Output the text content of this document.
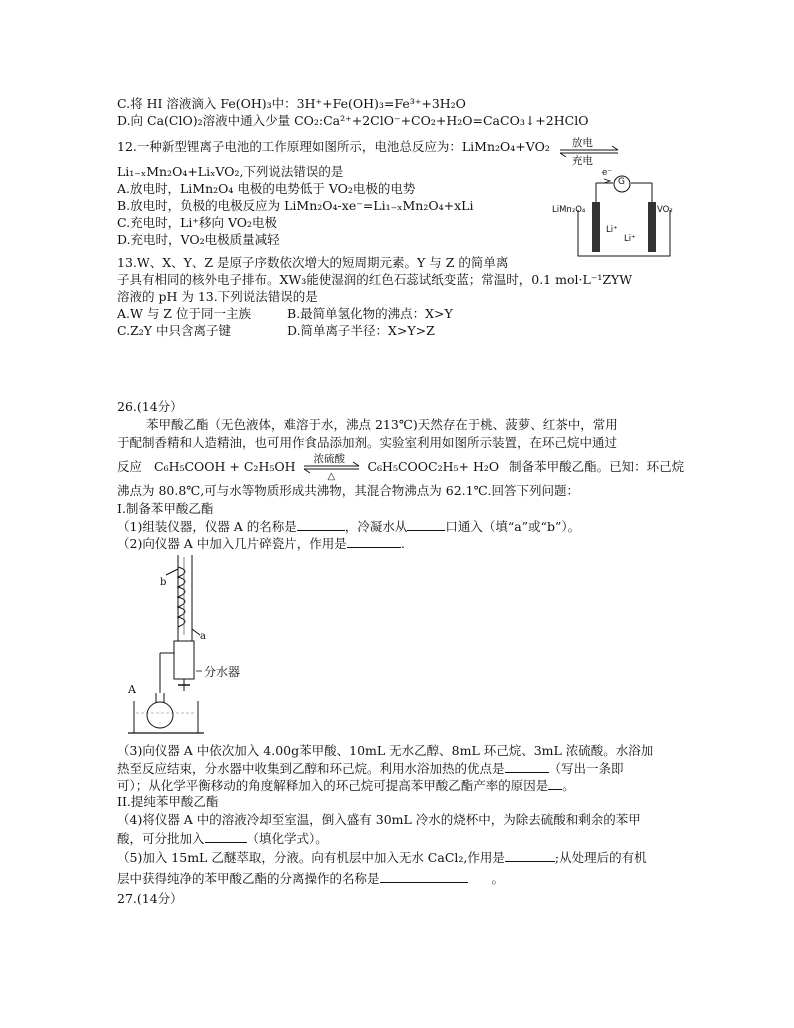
C.将 HI 溶液滴入 Fe(OH)₃中：3H⁺+Fe(OH)₃=Fe³⁺+3H₂O
D.向 Ca(ClO)₂溶液中通入少量 CO₂:Ca²⁺+2ClO⁻+CO₂+H₂O=CaCO₃↓+2HClO
12.一种新型锂离子电池的工作原理如图所示，电池总反应为：LiMn₂O₄+VO₂ 放电
充电
Li₁₋ₓMn₂O₄+LiₓVO₂,下列说法错误的是
A.放电时，LiMn₂O₄ 电极的电势低于 VO₂电极的电势
B.放电时，负极的电极反应为 LiMn₂O₄-xe⁻=Li₁₋ₓMn₂O₄+xLi
C.充电时，Li⁺移向 VO₂电极
D.充电时，VO₂电极质量减轻
e⁻
G
LiMn₂O₄	VO₂
Li⁺
Li⁺
13.W、X、Y、Z 是原子序数依次增大的短周期元素。Y 与 Z 的简单离
子具有相同的核外电子排布。XW₃能使湿润的红色石蕊试纸变蓝；常温时，0.1 mol·L⁻¹ZYW
溶液的 pH 为 13.下列说法错误的是
A.W 与 Z 位于同一主族	B.最简单氢化物的沸点：X>Y
C.Z₂Y 中只含离子键	D.简单离子半径：X>Y>Z
26.(14分）
苯甲酸乙酯（无色液体，难溶于水，沸点 213℃)天然存在于桃、菠萝、红茶中，常用
于配制香精和人造精油，也可用作食品添加剂。实验室利用如图所示装置，在环己烷中通过
反应 C₆H₅COOH + C₂H₅OH 浓硫酸
△
C₆H₅COOC₂H₅+ H₂O 制备苯甲酸乙酯。已知：环己烷
沸点为 80.8℃,可与水等物质形成共沸物，其混合物沸点为 62.1℃.回答下列问题：
I.制备苯甲酸乙酯
（1)组装仪器，仪器 A 的名称是	，冷凝水从	口通入（填“a”或“b”）。
（2)向仪器 A 中加入几片碎瓷片，作用是	.
b
a
分水器
A
（3)向仪器 A 中依次加入 4.00g苯甲酸、10mL 无水乙醇、8mL 环己烷、3mL 浓硫酸。水浴加
热至反应结束，分水器中收集到乙醇和环己烷。利用水浴加热的优点是	（写出一条即
可）；从化学平衡移动的角度解释加入的环己烷可提高苯甲酸乙酯产率的原因是 。
II.提纯苯甲酸乙酯
（4)将仪器 A 中的溶液冷却至室温，倒入盛有 30mL 冷水的烧杯中，为除去硫酸和剩余的苯甲
酸，可分批加入	（填化学式）。
（5)加入 15mL 乙醚萃取，分液。向有机层中加入无水 CaCl₂,作用是	;从处理后的有机
层中获得纯净的苯甲酸乙酯的分离操作的名称是	。
27.(14分）
